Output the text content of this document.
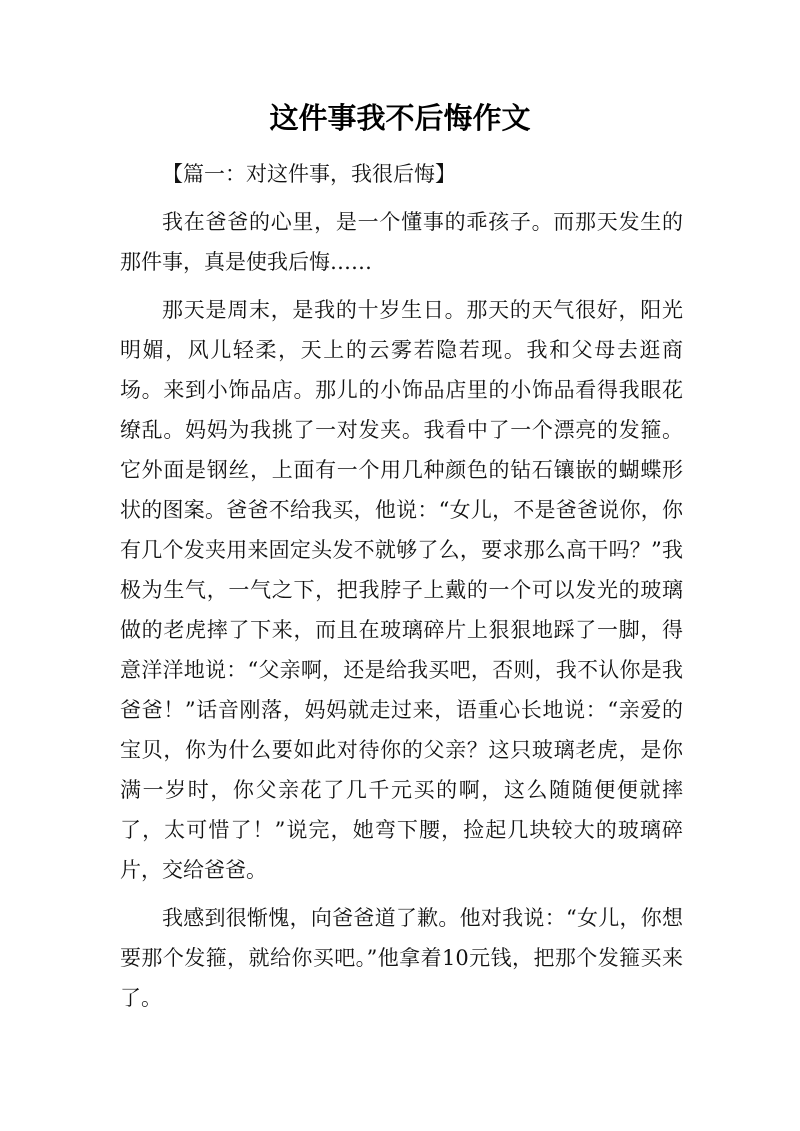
这件事我不后悔作文

【篇一：对这件事，我很后悔】

我在爸爸的心里，是一个懂事的乖孩子。而那天发生的那件事，真是使我后悔……

那天是周末，是我的十岁生日。那天的天气很好，阳光明媚，风儿轻柔，天上的云雾若隐若现。我和父母去逛商场。来到小饰品店。那儿的小饰品店里的小饰品看得我眼花缭乱。妈妈为我挑了一对发夹。我看中了一个漂亮的发箍。它外面是钢丝，上面有一个用几种颜色的钻石镶嵌的蝴蝶形状的图案。爸爸不给我买，他说：“女儿，不是爸爸说你，你有几个发夹用来固定头发不就够了么，要求那么高干吗？”我极为生气，一气之下，把我脖子上戴的一个可以发光的玻璃做的老虎摔了下来，而且在玻璃碎片上狠狠地踩了一脚，得意洋洋地说：“父亲啊，还是给我买吧，否则，我不认你是我爸爸！”话音刚落，妈妈就走过来，语重心长地说：“亲爱的宝贝，你为什么要如此对待你的父亲？这只玻璃老虎，是你满一岁时，你父亲花了几千元买的啊，这么随随便便就摔了，太可惜了！”说完，她弯下腰，捡起几块较大的玻璃碎片，交给爸爸。

我感到很惭愧，向爸爸道了歉。他对我说：“女儿，你想要那个发箍，就给你买吧。”他拿着10元钱，把那个发箍买来了。
